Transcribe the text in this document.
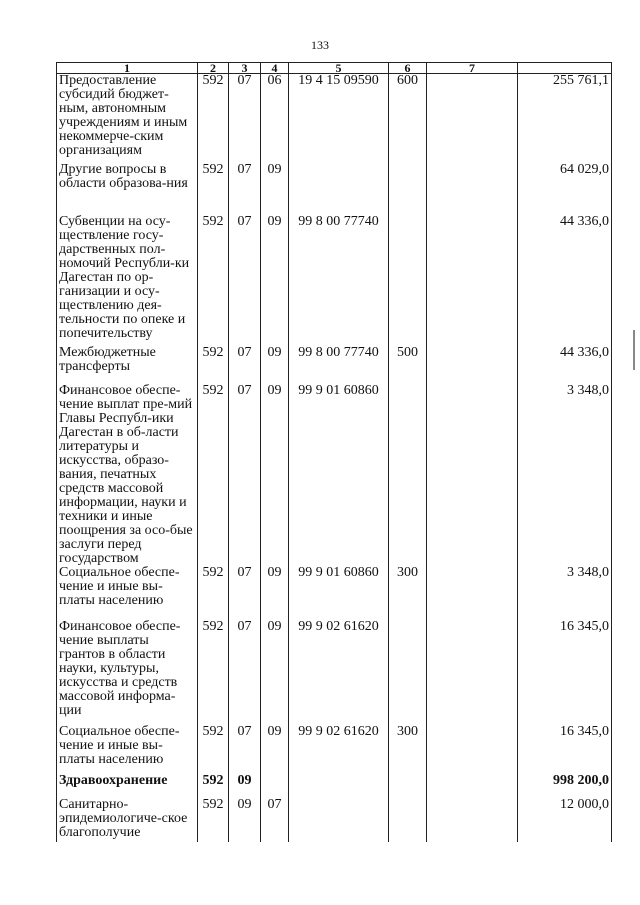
133
1	2	3	4	5	6	7	
Предоставление субсидий бюджет-ным, автономным учреждениям и иным некоммерче-ским организациям	592	07	06	19 4 15 09590	600		255 761,1
Другие вопросы в области образова-ния	592	07	09				64 029,0
Субвенции на осу-ществление госу-дарственных пол-номочий Республи-ки Дагестан по ор-ганизации и осу-ществлению дея-тельности по опеке и попечительству	592	07	09	99 8 00 77740			44 336,0
Межбюджетные трансферты	592	07	09	99 8 00 77740	500		44 336,0
Финансовое обеспе-чение выплат пре-мий Главы Республ-ики Дагестан в об-ласти литературы и искусства, образо-вания, печатных средств массовой информации, науки и техники и иные поощрения за осо-бые заслуги перед государством	592	07	09	99 9 01 60860			3 348,0
Социальное обеспе-чение и иные вы-платы населению	592	07	09	99 9 01 60860	300		3 348,0
Финансовое обеспе-чение выплаты грантов в области науки, культуры, искусства и средств массовой информа-ции	592	07	09	99 9 02 61620			16 345,0
Социальное обеспе-чение и иные вы-платы населению	592	07	09	99 9 02 61620	300		16 345,0
Здравоохранение	592	09					998 200,0
Санитарно-эпидемиологиче-ское благополучие	592	09	07				12 000,0
